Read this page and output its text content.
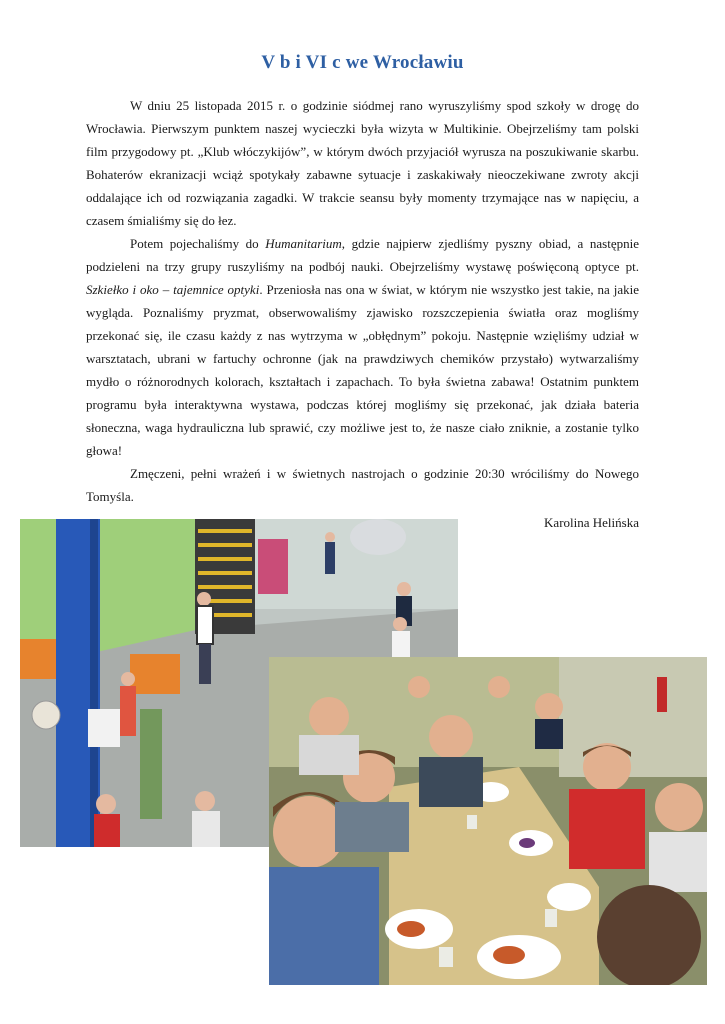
V b i VI c we Wrocławiu

W dniu 25 listopada 2015 r. o godzinie siódmej rano wyruszyliśmy spod szkoły w drogę do Wrocławia. Pierwszym punktem naszej wycieczki była wizyta w Multikinie. Obejrzeliśmy tam polski film przygodowy pt. „Klub włóczykijów”, w którym dwóch przyjaciół wyrusza na poszukiwanie skarbu. Bohaterów ekranizacji wciąż spotykały zabawne sytuacje i zaskakiwały nieoczekiwane zwroty akcji oddalające ich od rozwiązania zagadki. W trakcie seansu były momenty trzymające nas w napięciu, a czasem śmialiśmy się do łez.

Potem pojechaliśmy do Humanitarium, gdzie najpierw zjedliśmy pyszny obiad, a następnie podzieleni na trzy grupy ruszyliśmy na podbój nauki. Obejrzeliśmy wystawę poświęconą optyce pt. Szkiełko i oko – tajemnice optyki. Przeniosła nas ona w świat, w którym nie wszystko jest takie, na jakie wygląda. Poznaliśmy pryzmat, obserwowaliśmy zjawisko rozszczepienia światła oraz mogliśmy przekonać się, ile czasu każdy z nas wytrzyma w „obłędnym” pokoju. Następnie wzięliśmy udział w warsztatach, ubrani w fartuchy ochronne (jak na prawdziwych chemików przystało) wytwarzaliśmy mydło o różnorodnych kolorach, kształtach i zapachach. To była świetna zabawa! Ostatnim punktem programu była interaktywna wystawa, podczas której mogliśmy się przekonać, jak działa bateria słoneczna, waga hydrauliczna lub sprawić, czy możliwe jest to, że nasze ciało zniknie, a zostanie tylko głowa!

Zmęczeni, pełni wrażeń i w świetnych nastrojach o godzinie 20:30 wróciliśmy do Nowego Tomyśla.

Karolina Helińska
